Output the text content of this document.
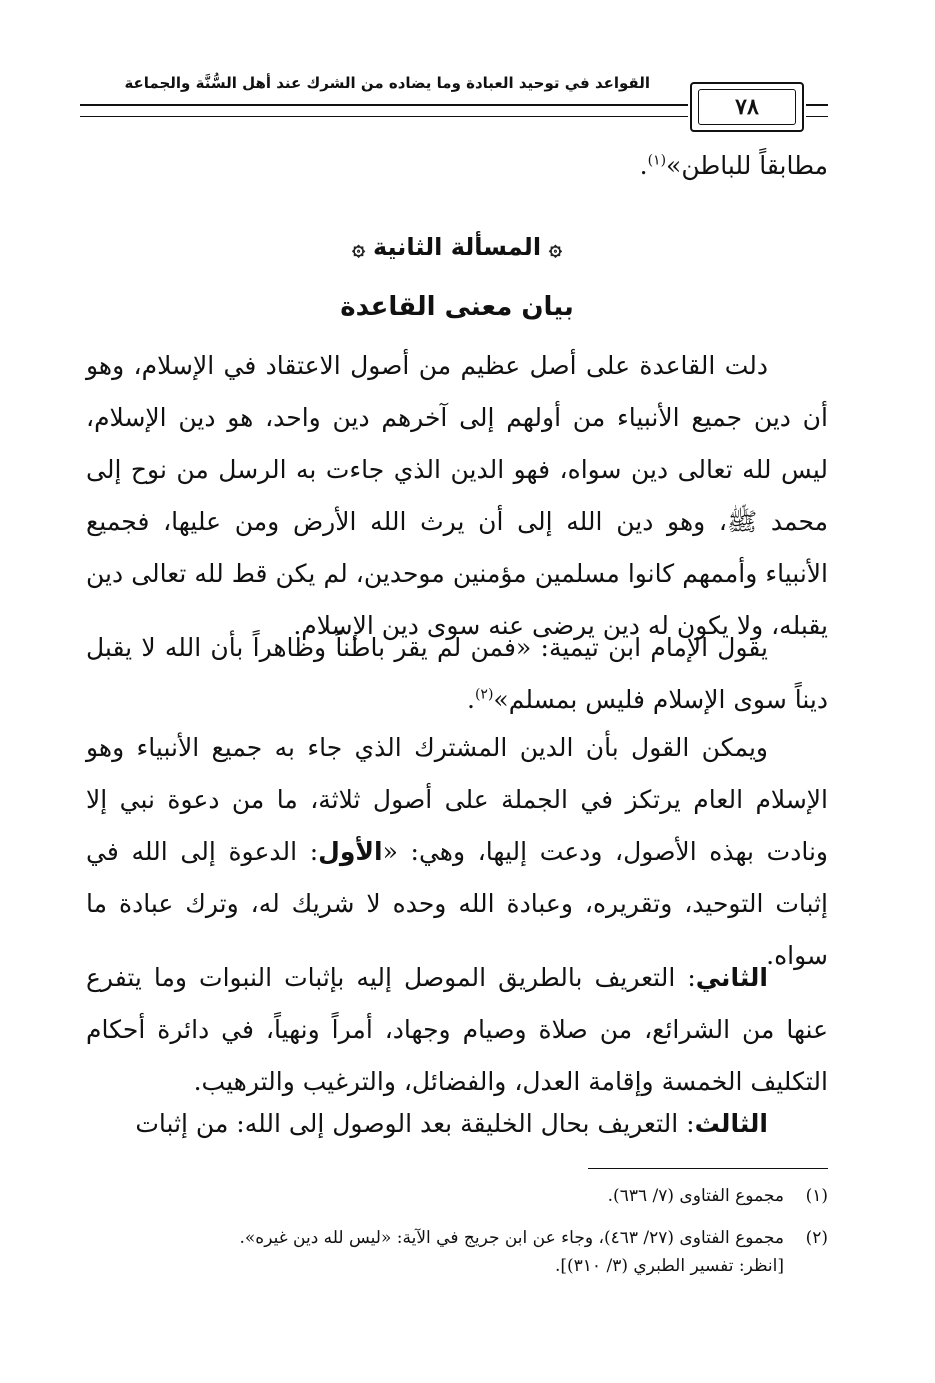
القواعد في توحيد العبادة وما يضاده من الشرك عند أهل السُّنَّة والجماعة
٧٨
مطابقاً للباطن»$^{(١)}$.
۞المسألة الثانية۞
بيان معنى القاعدة
دلت القاعدة على أصل عظيم من أصول الاعتقاد في الإسلام، وهو أن دين جميع الأنبياء من أولهم إلى آخرهم دين واحد، هو دين الإسلام، ليس لله تعالى دين سواه، فهو الدين الذي جاءت به الرسل من نوح إلى محمد ﷺ، وهو دين الله إلى أن يرث الله الأرض ومن عليها، فجميع الأنبياء وأممهم كانوا مسلمين مؤمنين موحدين، لم يكن قط لله تعالى دين يقبله، ولا يكون له دين يرضى عنه سوى دين الإسلام.
يقول الإمام ابن تيمية: «فمن لم يقر باطناً وظاهراً بأن الله لا يقبل ديناً سوى الإسلام فليس بمسلم»$^{(٢)}$.
ويمكن القول بأن الدين المشترك الذي جاء به جميع الأنبياء وهو الإسلام العام يرتكز في الجملة على أصول ثلاثة، ما من دعوة نبي إلا ونادت بهذه الأصول، ودعت إليها، وهي: «الأول: الدعوة إلى الله في إثبات التوحيد، وتقريره، وعبادة الله وحده لا شريك له، وترك عبادة ما سواه.
الثاني: التعريف بالطريق الموصل إليه بإثبات النبوات وما يتفرع عنها من الشرائع، من صلاة وصيام وجهاد، أمراً ونهياً، في دائرة أحكام التكليف الخمسة وإقامة العدل، والفضائل، والترغيب والترهيب.
الثالث: التعريف بحال الخليقة بعد الوصول إلى الله: من إثبات
(١)مجموع الفتاوى (٧/ ٦٣٦).
(٢)مجموع الفتاوى (٢٧/ ٤٦٣)، وجاء عن ابن جريج في الآية: «ليس لله دين غيره».
[انظر: تفسير الطبري (٣/ ٣١٠)].
